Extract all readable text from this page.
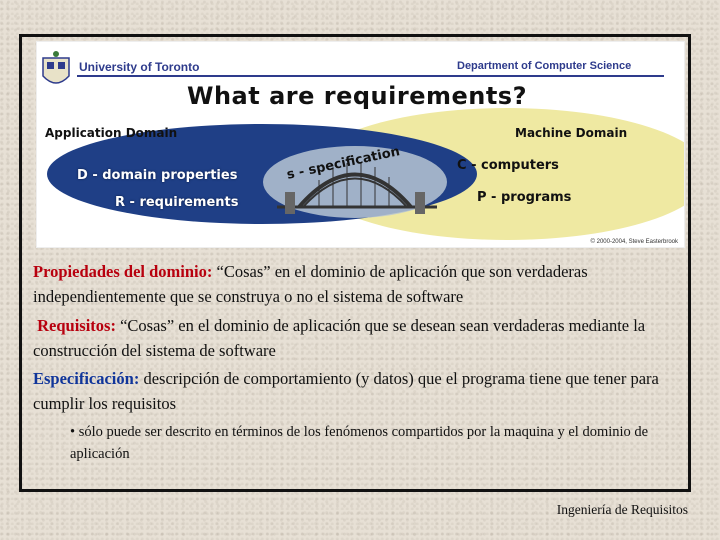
University of Toronto	Department of Computer Science
What are requirements?
Application Domain	Machine Domain
D - domain properties
R - requirements
s - specification	C - computers
P - programs
© 2000-2004, Steve Easterbrook
Propiedades del dominio: “Cosas” en el dominio de aplicación que son verdaderas independientemente que se construya o no el sistema de software
Requisitos: “Cosas” en el dominio de aplicación que se desean sean verdaderas mediante la construcción del sistema de software
Especificación: descripción de comportamiento (y datos) que el programa tiene que tener para cumplir los requisitos
• sólo puede ser descrito en términos de los fenómenos compartidos por la maquina y el dominio de aplicación
Ingeniería de Requisitos
